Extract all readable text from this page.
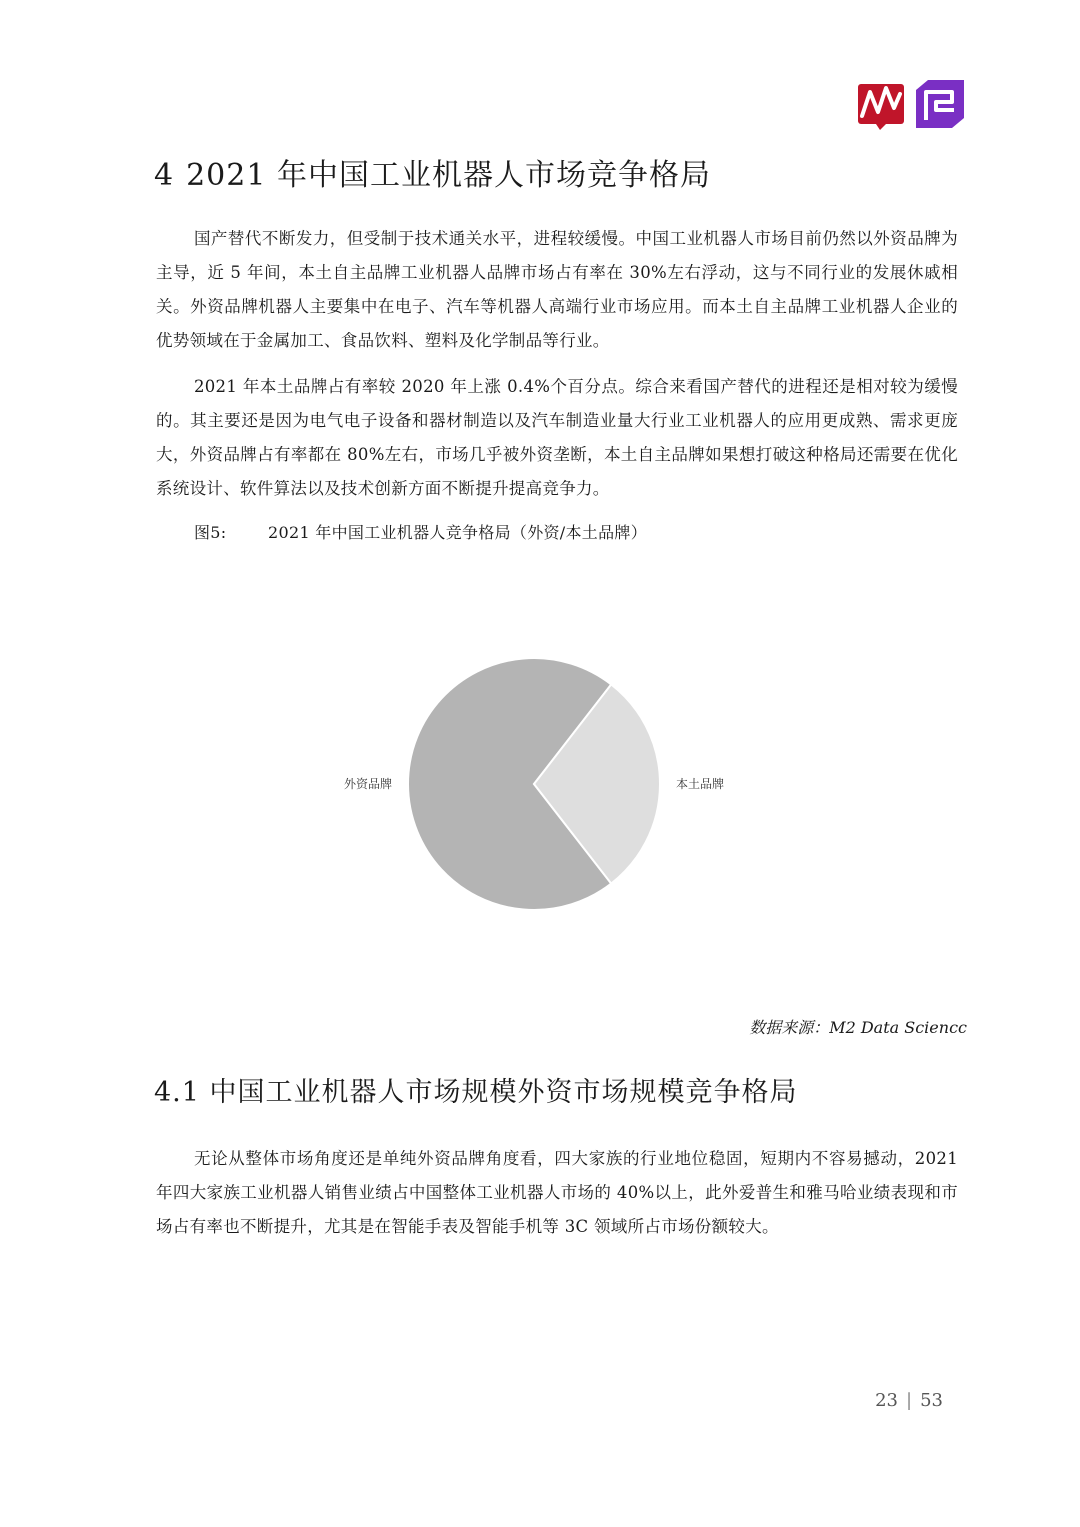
4 2021 年中国工业机器人市场竞争格局

国产替代不断发力，但受制于技术通关水平，进程较缓慢。中国工业机器人市场目前仍然以外资品牌为主导，近 5 年间，本土自主品牌工业机器人品牌市场占有率在 30%左右浮动，这与不同行业的发展休戚相关。外资品牌机器人主要集中在电子、汽车等机器人高端行业市场应用。而本土自主品牌工业机器人企业的优势领域在于金属加工、食品饮料、塑料及化学制品等行业。

2021 年本土品牌占有率较 2020 年上涨 0.4%个百分点。综合来看国产替代的进程还是相对较为缓慢的。其主要还是因为电气电子设备和器材制造以及汽车制造业量大行业工业机器人的应用更成熟、需求更庞大，外资品牌占有率都在 80%左右，市场几乎被外资垄断，本土自主品牌如果想打破这种格局还需要在优化系统设计、软件算法以及技术创新方面不断提升提高竞争力。

图5:	2021 年中国工业机器人竞争格局（外资/本土品牌）
外资品牌	本土品牌
数据来源：M2 Data Sciencc
4.1 中国工业机器人市场规模外资市场规模竞争格局

无论从整体市场角度还是单纯外资品牌角度看，四大家族的行业地位稳固，短期内不容易撼动，2021 年四大家族工业机器人销售业绩占中国整体工业机器人市场的 40%以上，此外爱普生和雅马哈业绩表现和市场占有率也不断提升，尤其是在智能手表及智能手机等 3C 领域所占市场份额较大。

23 | 53
